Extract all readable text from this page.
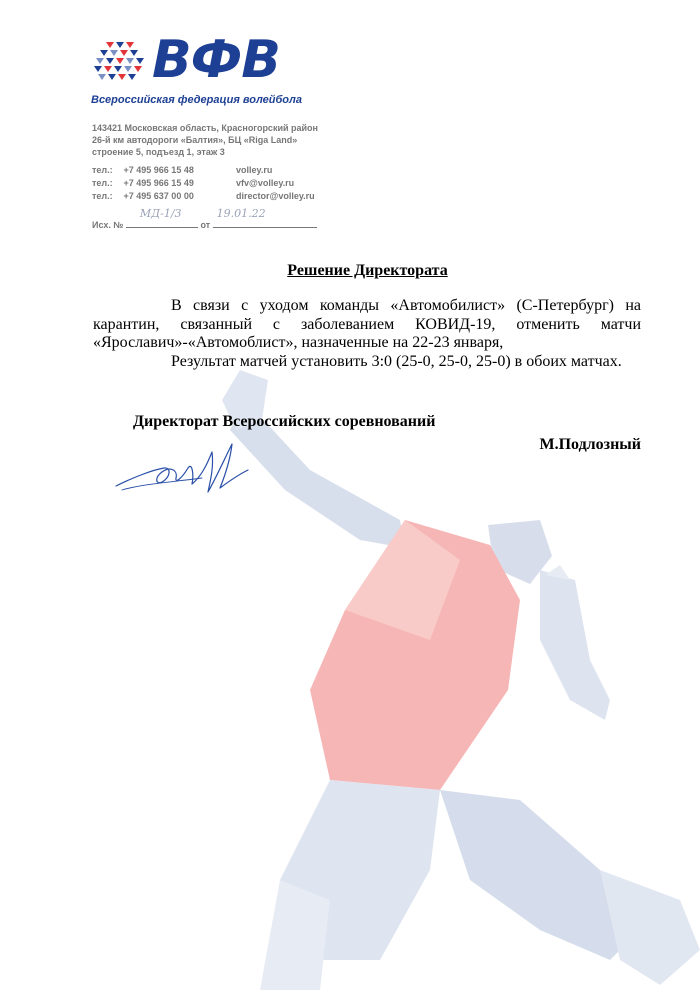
ВФВ
Всероссийская федерация волейбола
143421 Московская область, Красногорский район
26-й км автодороги «Балтия», БЦ «Riga Land»
строение 5, подъезд 1, этаж 3
тел.: +7 495 966 15 48	volley.ru
тел.: +7 495 966 15 49	vfv@volley.ru
тел.: +7 495 637 00 00	director@volley.ru
Исх. №
МД-1/3
от
19.01.22
Решение Директората

В связи с уходом команды «Автомобилист» (С-Петербург) на карантин, связанный с заболеванием КОВИД-19, отменить матчи «Ярославич»-«Автомоблист», назначенные на 22-23 января,

Результат матчей установить 3:0 (25-0, 25-0, 25-0) в обоих матчах.

Директорат Всероссийских соревнований
М.Подлозный
